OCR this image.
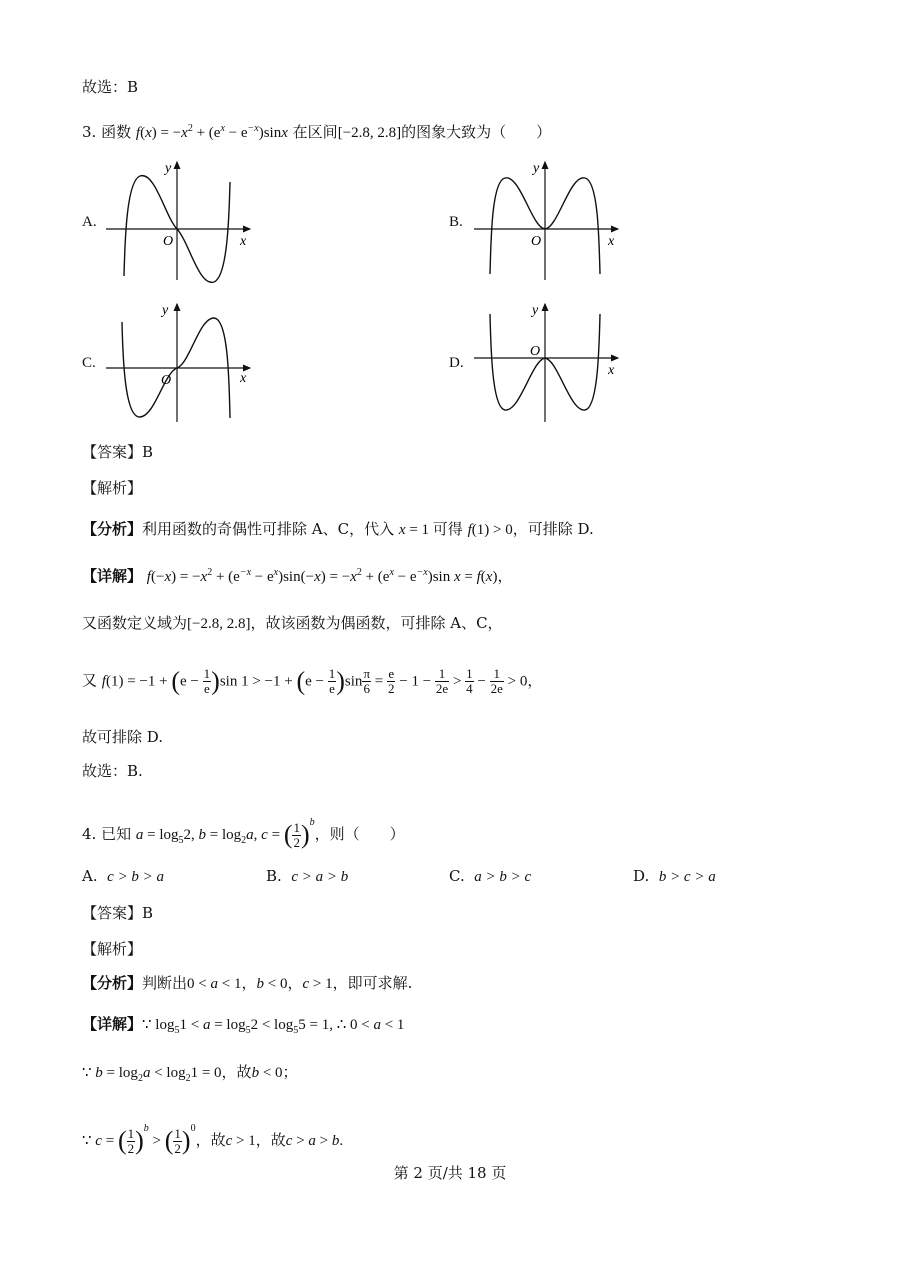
故选：B
3. 函数 $f(x) = -x^2 + (e^x - e^{-x})\sin x$ 在区间[−2.8, 2.8]的图象大致为（　　）
A.	B.
C.	D.
x
y
O	x
y
O
x
y
O
x
y
O
【答案】B
【解析】
【分析】利用函数的奇偶性可排除 A、C，代入 x = 1 可得 f(1) > 0，可排除 D.
【详解】 $f(-x) = -x^2 + (e^{-x} - e^x)\sin(-x) = -x^2 + (e^x - e^{-x})\sin$ x = f(x)，
又函数定义域为[−2.8, 2.8]，故该函数为偶函数，可排除 A、C，
又 $f(1) = -1 + (e - \frac{1}{e} )\sin$ $1 > -1 + (e - \frac{1}{e} )\sin \frac{\pi}{6} = \frac{e}{2} - 1 - \frac{1}{2e} > \frac{1}{4} - \frac{1}{2e} > 0$，
故可排除 D.
故选：B.
4. 已知 $a = \log_52$, $b = \log_2a$, c = ( $\frac{1}{2} )^b$，则（　　）
A. c > b > a	B. c > a > b	C. a > b > c	D. b > c > a
【答案】B
【解析】
【分析】判断出0 < a < 1，b < 0，c > 1，即可求解.
【详解】∵ $\log_51 < a = \log_52 < \log_55 = 1$, ∴ 0 < a < 1
∵ $b = \log_2a < \log_21 = 0$，故b < 0；
∵ c = ( $\frac{1}{2} )^b$ > ( $\frac{1}{2} )^0$，故c > 1，故c > a > b.
第 2 页/共 18 页
